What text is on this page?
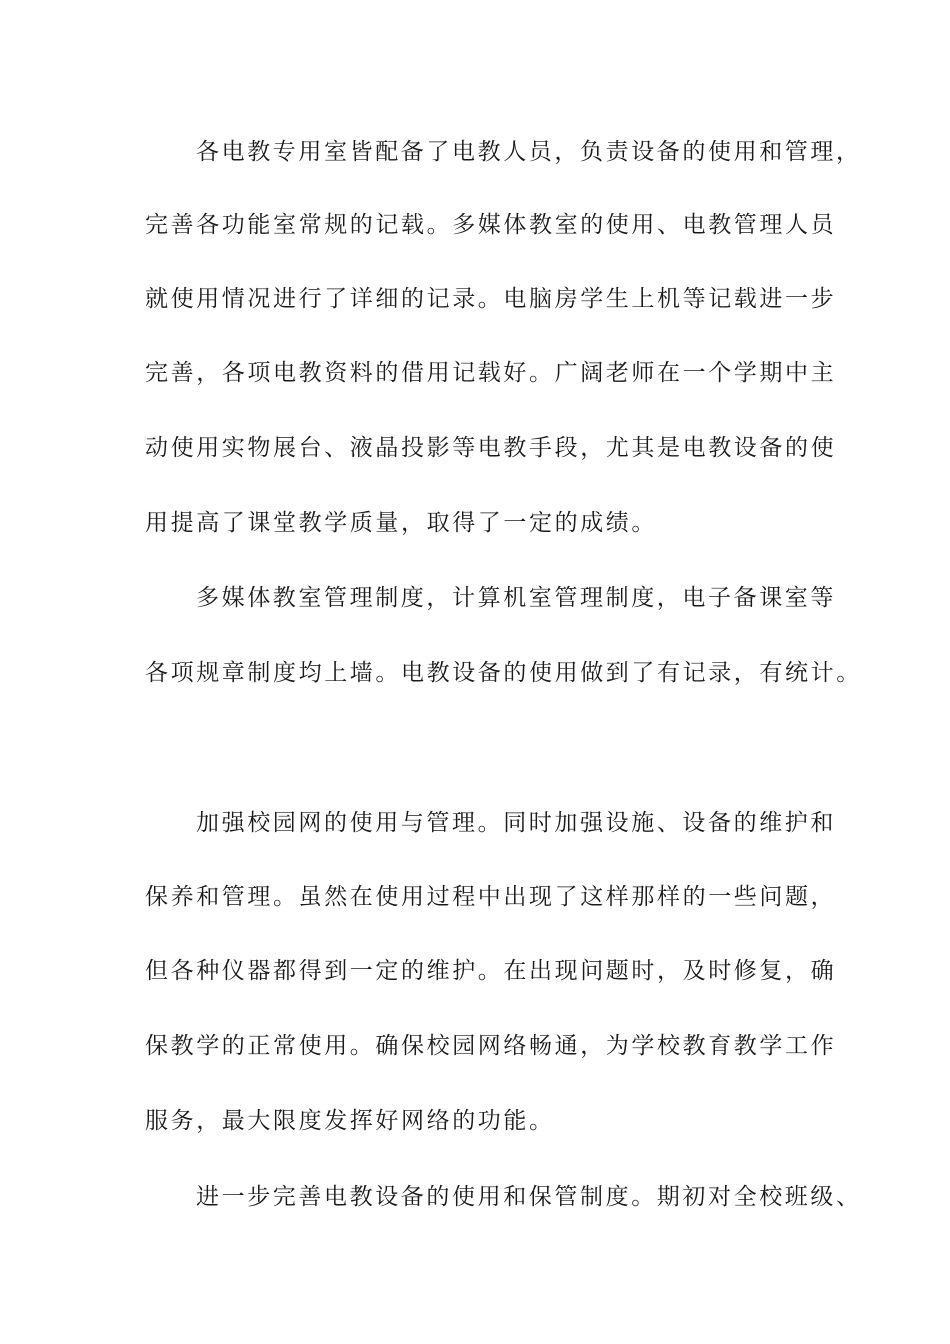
各电教专用室皆配备了电教人员，负责设备的使用和管理，
完善各功能室常规的记载。多媒体教室的使用、电教管理人员
就使用情况进行了详细的记录。电脑房学生上机等记载进一步
完善，各项电教资料的借用记载好。广阔老师在一个学期中主
动使用实物展台、液晶投影等电教手段，尤其是电教设备的使
用提高了课堂教学质量，取得了一定的成绩。
多媒体教室管理制度，计算机室管理制度，电子备课室等
各项规章制度均上墙。电教设备的使用做到了有记录，有统计。
加强校园网的使用与管理。同时加强设施、设备的维护和
保养和管理。虽然在使用过程中出现了这样那样的一些问题，
但各种仪器都得到一定的维护。在出现问题时，及时修复，确
保教学的正常使用。确保校园网络畅通，为学校教育教学工作
服务，最大限度发挥好网络的功能。
进一步完善电教设备的使用和保管制度。期初对全校班级、
